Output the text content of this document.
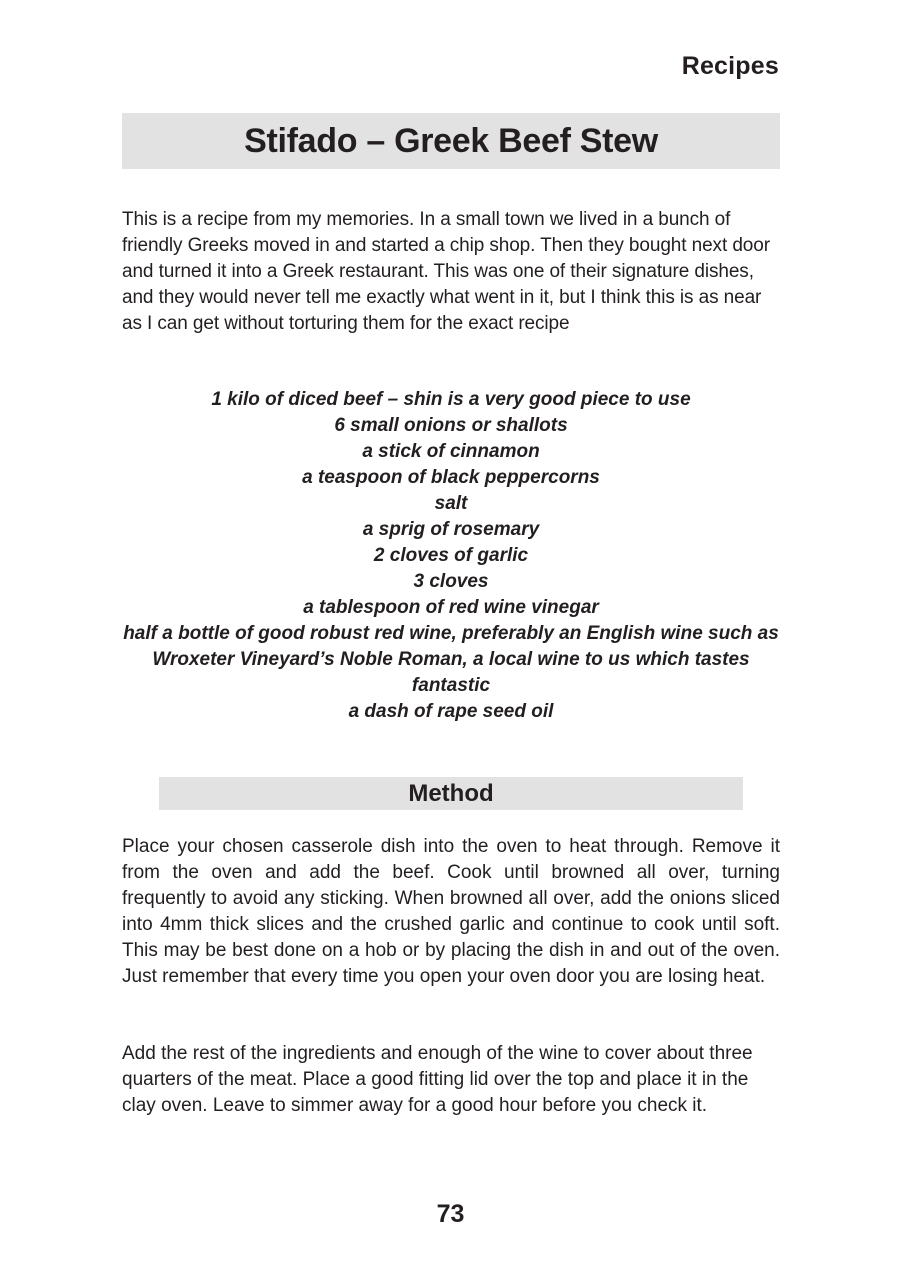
Recipes
Stifado – Greek Beef Stew

This is a recipe from my memories. In a small town we lived in a bunch of friendly Greeks moved in and started a chip shop. Then they bought next door and turned it into a Greek restaurant. This was one of their signature dishes, and they would never tell me exactly what went in it, but I think this is as near as I can get without torturing them for the exact recipe

1 kilo of diced beef – shin is a very good piece to use
6 small onions or shallots
a stick of cinnamon
a teaspoon of black peppercorns
salt
a sprig of rosemary
2 cloves of garlic
3 cloves
a tablespoon of red wine vinegar
half a bottle of good robust red wine, preferably an English wine such as Wroxeter Vineyard’s Noble Roman, a local wine to us which tastes fantastic
a dash of rape seed oil
Method

Place your chosen casserole dish into the oven to heat through. Remove it from the oven and add the beef. Cook until browned all over, turning frequently to avoid any sticking. When browned all over, add the onions sliced into 4mm thick slices and the crushed garlic and continue to cook until soft. This may be best done on a hob or by placing the dish in and out of the oven. Just remember that every time you open your oven door you are losing heat.

Add the rest of the ingredients and enough of the wine to cover about three quarters of the meat. Place a good fitting lid over the top and place it in the clay oven. Leave to simmer away for a good hour before you check it.

73
